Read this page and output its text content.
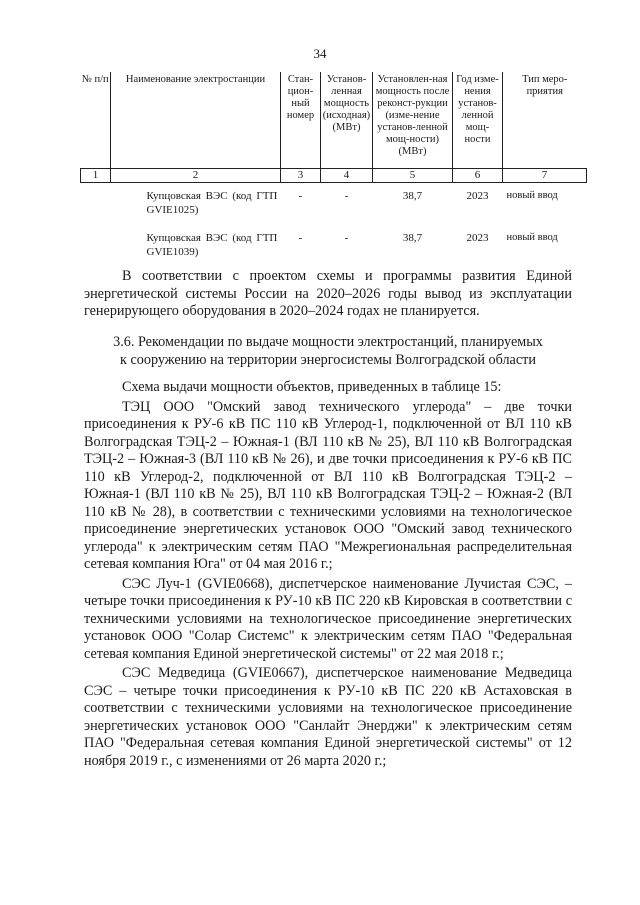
34
№ п/п	Наименование электростанции	Стан-цион-ный номер	Установ-ленная мощность (исходная) (МВт)	Установлен-ная мощность после реконст-рукции (изме-нение установ-ленной мощ-ности) (МВт)	Год изме-нения установ-ленной мощ-ности	Тип меро-приятия
1	2	3	4	5	6	7
	Купцовская ВЭС (код ГТП GVIE1025)	-	-	38,7	2023	новый ввод
	Купцовская ВЭС (код ГТП GVIE1039)	-	-	38,7	2023	новый ввод

В соответствии с проектом схемы и программы развития Единой энергетической системы России на 2020–2026 годы вывод из эксплуатации генерирующего оборудования в 2020–2024 годах не планируется.

3.6. Рекомендации по выдаче мощности электростанций, планируемых
к сооружению на территории энергосистемы Волгоградской области

Схема выдачи мощности объектов, приведенных в таблице 15:

ТЭЦ ООО "Омский завод технического углерода" – две точки присоединения к РУ-6 кВ ПС 110 кВ Углерод-1, подключенной от ВЛ 110 кВ Волгоградская ТЭЦ-2 – Южная-1 (ВЛ 110 кВ № 25), ВЛ 110 кВ Волгоградская ТЭЦ-2 – Южная-3 (ВЛ 110 кВ № 26), и две точки присоединения к РУ-6 кВ ПС 110 кВ Углерод-2, подключенной от ВЛ 110 кВ Волгоградская ТЭЦ-2 – Южная-1 (ВЛ 110 кВ № 25), ВЛ 110 кВ Волгоградская ТЭЦ-2 – Южная-2 (ВЛ 110 кВ № 28), в соответствии с техническими условиями на технологическое присоединение энергетических установок ООО "Омский завод технического углерода" к электрическим сетям ПАО "Межрегиональная распределительная сетевая компания Юга" от 04 мая 2016 г.;

СЭС Луч-1 (GVIE0668), диспетчерское наименование Лучистая СЭС, – четыре точки присоединения к РУ-10 кВ ПС 220 кВ Кировская в соответствии с техническими условиями на технологическое присоединение энергетических установок ООО "Солар Системс" к электрическим сетям ПАО "Федеральная сетевая компания Единой энергетической системы" от 22 мая 2018 г.;

СЭС Медведица (GVIE0667), диспетчерское наименование Медведица СЭС – четыре точки присоединения к РУ-10 кВ ПС 220 кВ Астаховская в соответствии с техническими условиями на технологическое присоединение энергетических установок ООО "Санлайт Энерджи" к электрическим сетям ПАО "Федеральная сетевая компания Единой энергетической системы" от 12 ноября 2019 г., с изменениями от 26 марта 2020 г.;
